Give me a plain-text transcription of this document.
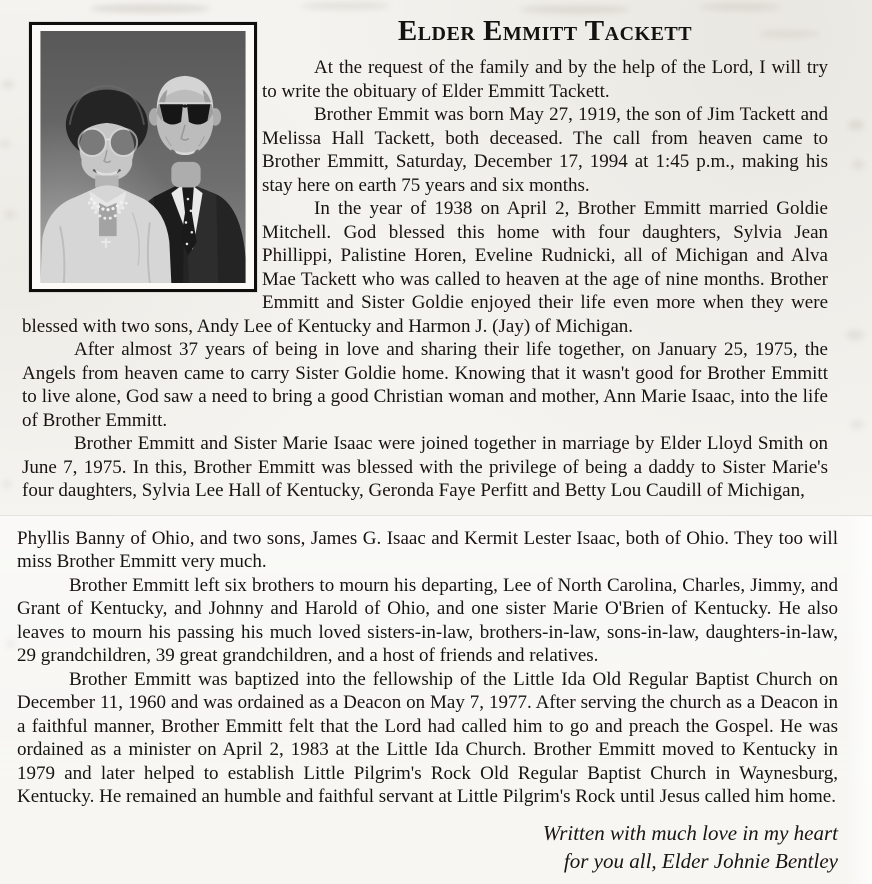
Elder Emmitt Tackett

At the request of the family and by the help of the Lord, I will try to write the obituary of Elder Emmitt Tackett.

Brother Emmit was born May 27, 1919, the son of Jim Tackett and Melissa Hall Tackett, both deceased. The call from heaven came to Brother Emmitt, Saturday, December 17, 1994 at 1:45 p.m., making his stay here on earth 75 years and six months.

In the year of 1938 on April 2, Brother Emmitt married Goldie Mitchell. God blessed this home with four daughters, Sylvia Jean Phillippi, Palistine Horen, Eveline Rudnicki, all of Michigan and Alva Mae Tackett who was called to heaven at the age of nine months. Brother Emmitt and Sister Goldie enjoyed their life even more when they were blessed with two sons, Andy Lee of Kentucky and Harmon J. (Jay) of Michigan.

After almost 37 years of being in love and sharing their life together, on January 25, 1975, the Angels from heaven came to carry Sister Goldie home. Knowing that it wasn't good for Brother Emmitt to live alone, God saw a need to bring a good Christian woman and mother, Ann Marie Isaac, into the life of Brother Emmitt.

Brother Emmitt and Sister Marie Isaac were joined together in marriage by Elder Lloyd Smith on June 7, 1975. In this, Brother Emmitt was blessed with the privilege of being a daddy to Sister Marie's four daughters, Sylvia Lee Hall of Kentucky, Geronda Faye Perfitt and Betty Lou Caudill of Michigan,

Phyllis Banny of Ohio, and two sons, James G. Isaac and Kermit Lester Isaac, both of Ohio. They too will miss Brother Emmitt very much.

Brother Emmitt left six brothers to mourn his departing, Lee of North Carolina, Charles, Jimmy, and Grant of Kentucky, and Johnny and Harold of Ohio, and one sister Marie O'Brien of Kentucky. He also leaves to mourn his passing his much loved sisters-in-law, brothers-in-law, sons-in-law, daughters-in-law, 29 grandchildren, 39 great grandchildren, and a host of friends and relatives.

Brother Emmitt was baptized into the fellowship of the Little Ida Old Regular Baptist Church on December 11, 1960 and was ordained as a Deacon on May 7, 1977. After serving the church as a Deacon in a faithful manner, Brother Emmitt felt that the Lord had called him to go and preach the Gospel. He was ordained as a minister on April 2, 1983 at the Little Ida Church. Brother Emmitt moved to Kentucky in 1979 and later helped to establish Little Pilgrim's Rock Old Regular Baptist Church in Waynesburg, Kentucky. He remained an humble and faithful servant at Little Pilgrim's Rock until Jesus called him home.

Written with much love in my heart
for you all, Elder Johnie Bentley
